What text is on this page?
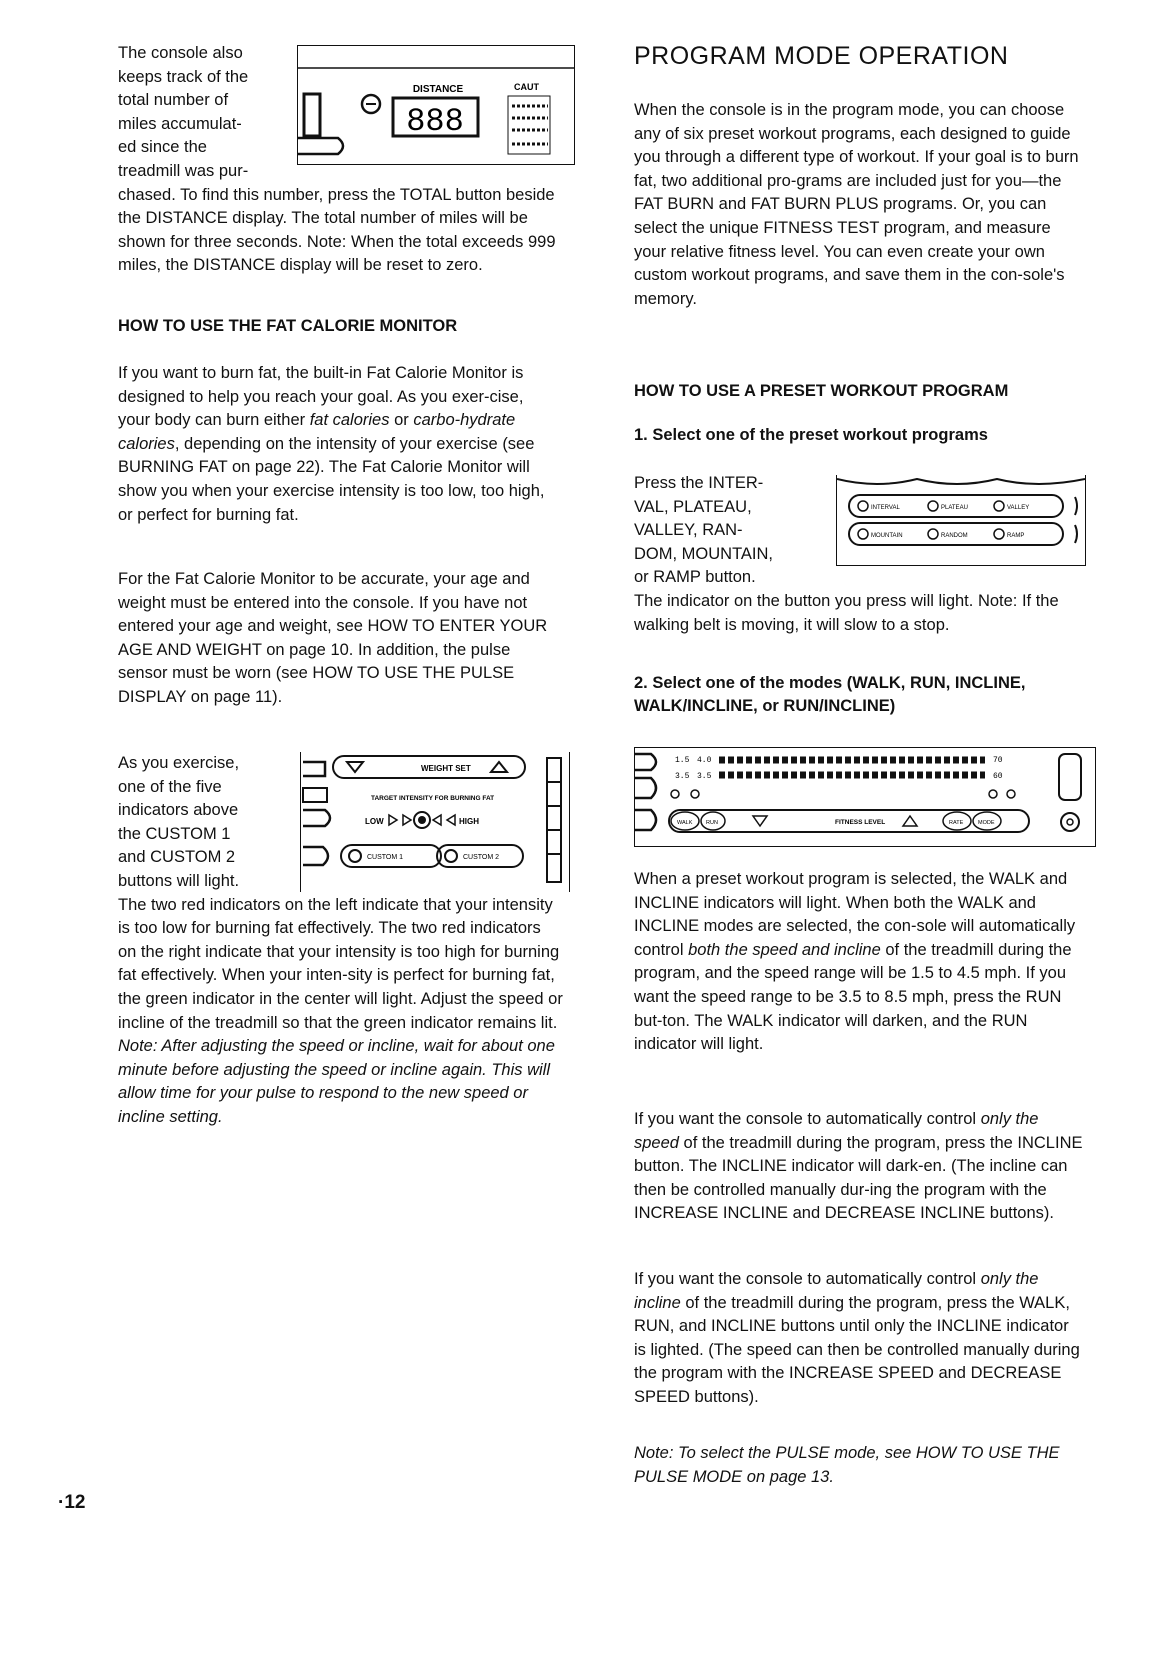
The console also

keeps track of the

total number of

miles accumulat-

ed since the

treadmill was pur-

chased. To find this number, press the TOTAL button beside the DISTANCE display. The total number of miles will be shown for three seconds. Note: When the total exceeds 999 miles, the DISTANCE display will be reset to zero.

HOW TO USE THE FAT CALORIE MONITOR

If you want to burn fat, the built-in Fat Calorie Monitor is designed to help you reach your goal. As you exer-cise, your body can burn either fat calories or carbo-hydrate calories, depending on the intensity of your exercise (see BURNING FAT on page 22). The Fat Calorie Monitor will show you when your exercise intensity is too low, too high, or perfect for burning fat.

For the Fat Calorie Monitor to be accurate, your age and weight must be entered into the console. If you have not entered your age and weight, see HOW TO ENTER YOUR AGE AND WEIGHT on page 10. In addition, the pulse sensor must be worn (see HOW TO USE THE PULSE DISPLAY on page 11).

As you exercise,

one of the five

indicators above

the CUSTOM 1

and CUSTOM 2

buttons will light.

The two red indicators on the left indicate that your intensity is too low for burning fat effectively. The two red indicators on the right indicate that your intensity is too high for burning fat effectively. When your inten-sity is perfect for burning fat, the green indicator in the center will light. Adjust the speed or incline of the treadmill so that the green indicator remains lit. Note: After adjusting the speed or incline, wait for about one minute before adjusting the speed or incline again. This will allow time for your pulse to respond to the new speed or incline setting.

DISTANCE
888
CAUT
WEIGHT SET
TARGET INTENSITY FOR BURNING FAT
LOW	HIGH
CUSTOM 1	CUSTOM 2
PROGRAM MODE OPERATION

When the console is in the program mode, you can choose any of six preset workout programs, each designed to guide you through a different type of workout. If your goal is to burn fat, two additional pro-grams are included just for you—the FAT BURN and FAT BURN PLUS programs. Or, you can select the unique FITNESS TEST program, and measure your relative fitness level. You can even create your own custom workout programs, and save them in the con-sole's memory.

HOW TO USE A PRESET WORKOUT PROGRAM

1. Select one of the preset workout programs

Press the INTER-

VAL, PLATEAU,

VALLEY, RAN-

DOM, MOUNTAIN,

or RAMP button.

The indicator on the button you press will light. Note: If the walking belt is moving, it will slow to a stop.

2. Select one of the modes (WALK, RUN, INCLINE, WALK/INCLINE, or RUN/INCLINE)

When a preset workout program is selected, the WALK and INCLINE indicators will light. When both the WALK and INCLINE modes are selected, the con-sole will automatically control both the speed and incline of the treadmill during the program, and the speed range will be 1.5 to 4.5 mph. If you want the speed range to be 3.5 to 8.5 mph, press the RUN but-ton. The WALK indicator will darken, and the RUN indicator will light.

If you want the console to automatically control only the speed of the treadmill during the program, press the INCLINE button. The INCLINE indicator will dark-en. (The incline can then be controlled manually dur-ing the program with the INCREASE INCLINE and DECREASE INCLINE buttons).

If you want the console to automatically control only the incline of the treadmill during the program, press the WALK, RUN, and INCLINE buttons until only the INCLINE indicator is lighted. (The speed can then be controlled manually during the program with the INCREASE SPEED and DECREASE SPEED buttons).

Note: To select the PULSE mode, see HOW TO USE THE PULSE MODE on page 13.

INTERVAL	PLATEAU	VALLEY
MOUNTAIN	RANDOM	RAMP
1.5 4.0
3.5 3.5
70
60
WALK RUN	FITNESS LEVEL	RATE	MODE
·12
